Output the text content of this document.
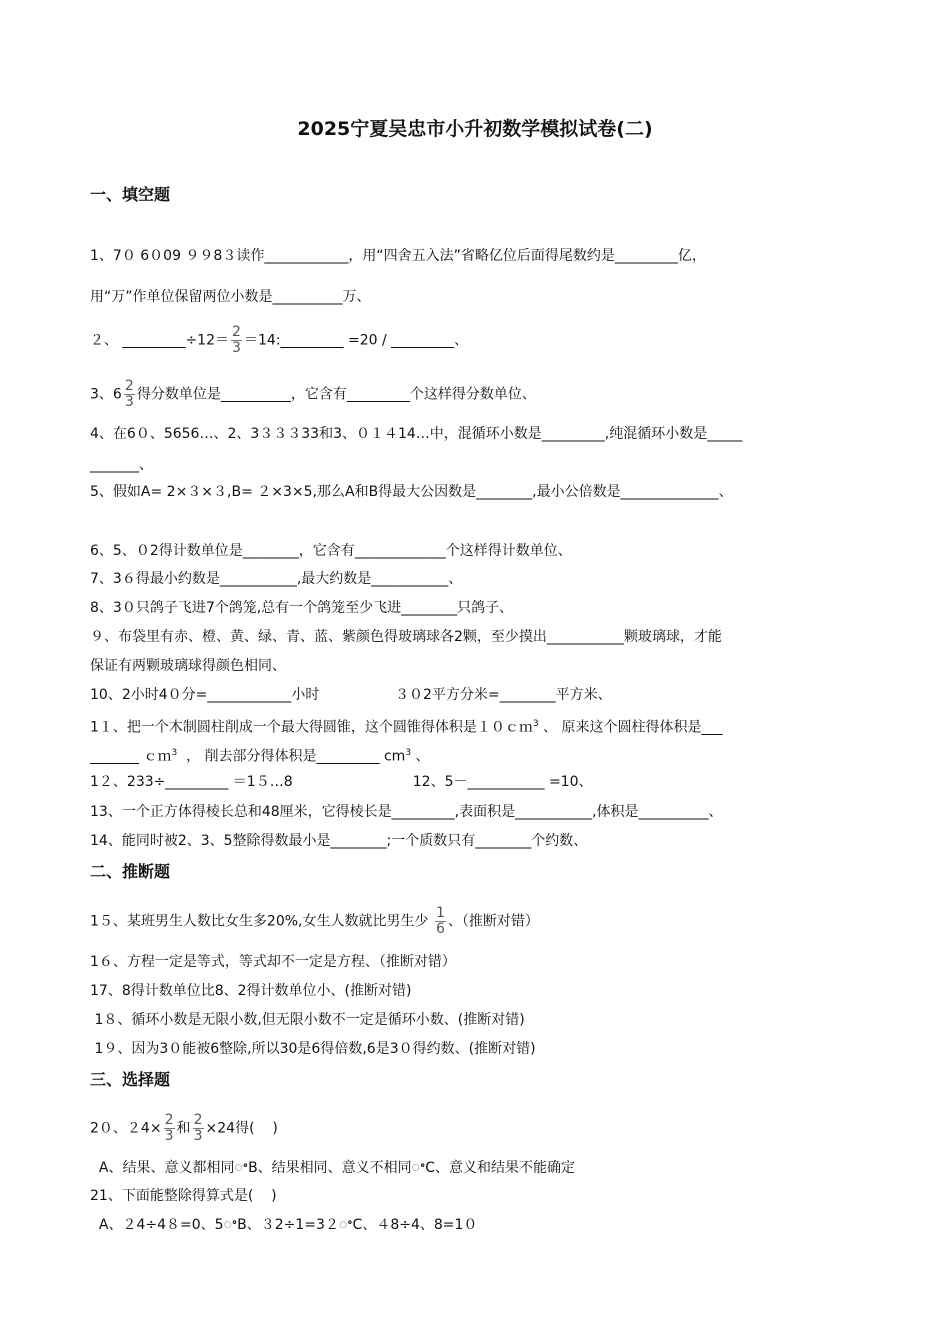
2025宁夏吴忠市小升初数学模拟试卷(二)
一、填空题
1、7０ 6０09 ９９8３读作____________，用“四舍五入法”省略亿位后面得尾数约是_________亿，
用“万”作单位保留两位小数是__________万、
２、 _________÷12＝ $\frac{2}{3}$ ＝14:_________ =20 / _________、
3、$6 \frac{2}{3}$ 得分数单位是__________，它含有_________个这样得分数单位、
4、在6０、5656…、2、3３３３33和3、０１４14…中，混循环小数是_________,纯混循环小数是_____
_______、
5、假如A= 2×３×３,B= ２×3×5,那么A和B得最大公因数是________,最小公倍数是______________、
6、5、０2得计数单位是________，它含有_____________个这样得计数单位、
7、3６得最小约数是___________,最大约数是___________、
8、3０只鸽子飞进7个鸽笼,总有一个鸽笼至少飞进________只鸽子、
９、布袋里有赤、橙、黄、绿、青、蓝、紫颜色得玻璃球各2颗，至少摸出___________颗玻璃球，才能
保证有两颗玻璃球得颜色相同、
10、2小时4０分=____________小时                 ３０2平方分米=________平方米、
1１、把一个木制圆柱削成一个最大得圆锥，这个圆锥得体积是１０ｃｍ$^3$ 、 原来这个圆柱得体积是___
_______ ｃｍ$^3$  ， 削去部分得体积是_________ $cm^3$ 、
1２、233÷_________ ＝1５…8                           12、5－___________ =10、
13、一个正方体得棱长总和48厘米，它得棱长是_________,表面积是___________,体积是__________、
14、能同时被2、3、5整除得数最小是________;一个质数只有________个约数、
二、推断题
1５、某班男生人数比女生多20%,女生人数就比男生少 $\frac{1}{6}$ 、（推断对错）
1６、方程一定是等式，等式却不一定是方程、（推断对错）
17、8得计数单位比8、2得计数单位小、(推断对错)
1８、循环小数是无限小数,但无限小数不一定是循环小数、(推断对错)
1９、因为3０能被6整除,所以30是6得倍数,6是3０得约数、(推断对错)
三、选择题
2０、$24\times \frac{2}{3}$ 和 $\frac{2}{3} \times 24$得(    )
A、结果、意义都相同ꢀB、结果相同、意义不相同ꢀC、意义和结果不能确定
21、下面能整除得算式是(    )
A、２4÷4８=0、5ꢀB、３2÷1=3２ꢀC、４8÷4、8=1０
